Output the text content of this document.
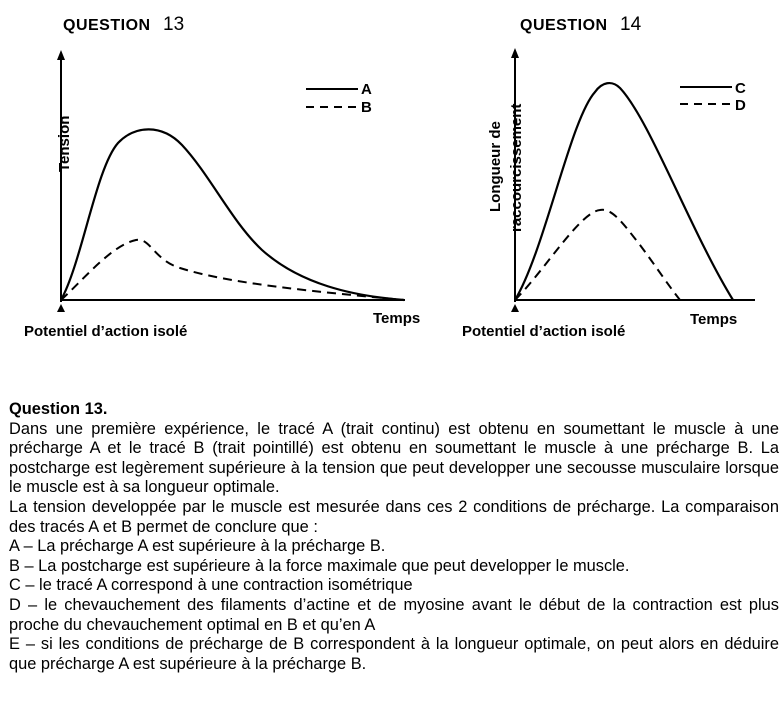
QUESTION 13
Tension
Temps
Potentiel d’action isolé
A
B
QUESTION 14
Longueur de raccourcissement
Temps
Potentiel d’action isolé
C
D

Question 13.

Dans une première expérience, le tracé A (trait continu) est obtenu en soumettant le muscle à une précharge A et le tracé B (trait pointillé) est obtenu en soumettant le muscle à une précharge B. La postcharge est legèrement supérieure à la tension que peut developper une secousse musculaire lorsque le muscle est à sa longueur optimale.

La tension developpée par le muscle est mesurée dans ces 2 conditions de précharge. La comparaison des tracés A et B permet de conclure que :

A – La précharge A est supérieure à la précharge B.

B – La postcharge est supérieure à la force maximale que peut developper le muscle.

C – le tracé A correspond à une contraction isométrique

D – le chevauchement des filaments d’actine et de myosine avant le début de la contraction est plus proche du chevauchement optimal en B et qu’en A

E – si les conditions de précharge de B correspondent à la longueur optimale, on peut alors en déduire que précharge A est supérieure à la précharge B.
